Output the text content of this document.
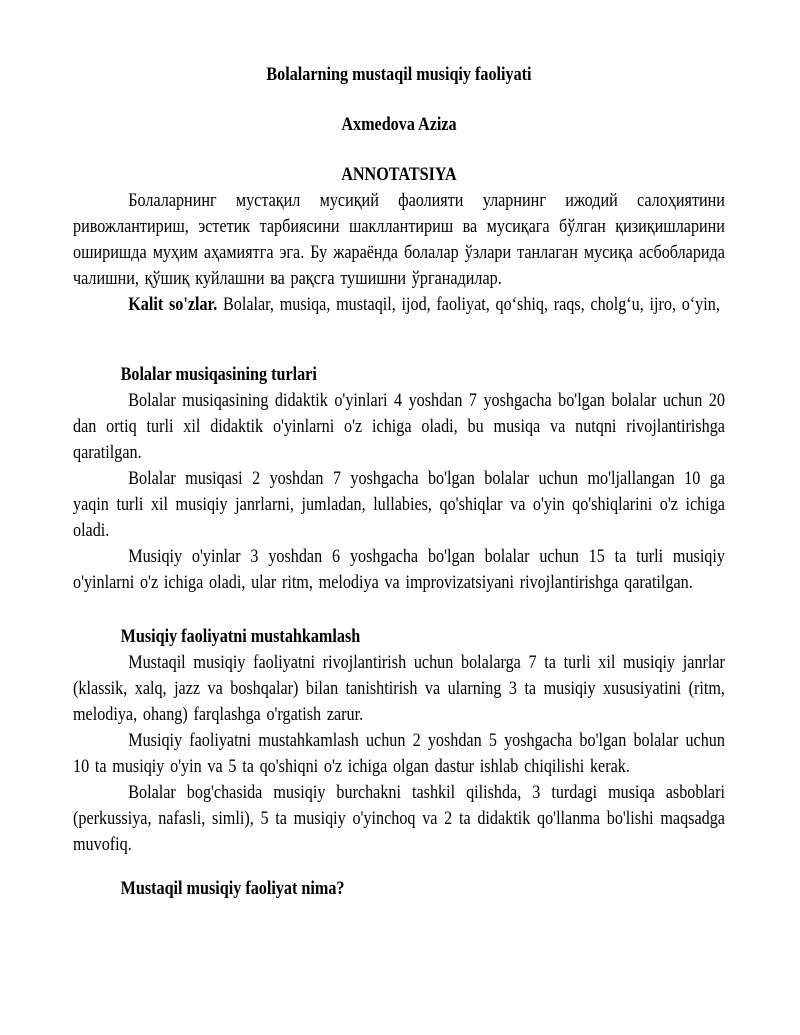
Bolalarning mustaqil musiqiy faoliyati

Axmedova Aziza

ANNOTATSIYA

Болаларнинг мустақил мусиқий фаолияти уларнинг ижодий салоҳиятини ривожлантириш, эстетик тарбиясини шакллантириш ва мусиқага бўлган қизиқишларини оширишда муҳим аҳамиятга эга. Бу жараёнда болалар ўзлари танлаган мусиқа асбобларида чалишни, қўшиқ куйлашни ва рақсга тушишни ўрганадилар.

Kalit so'zlar. Bolalar, musiqa, mustaqil, ijod, faoliyat, qo‘shiq, raqs, cholg‘u, ijro, o‘yin,

Bolalar musiqasining turlari

Bolalar musiqasining didaktik o'yinlari 4 yoshdan 7 yoshgacha bo'lgan bolalar uchun 20 dan ortiq turli xil didaktik o'yinlarni o'z ichiga oladi, bu musiqa va nutqni rivojlantirishga qaratilgan.

Bolalar musiqasi 2 yoshdan 7 yoshgacha bo'lgan bolalar uchun mo'ljallangan 10 ga yaqin turli xil musiqiy janrlarni, jumladan, lullabies, qo'shiqlar va o'yin qo'shiqlarini o'z ichiga oladi.

Musiqiy o'yinlar 3 yoshdan 6 yoshgacha bo'lgan bolalar uchun 15 ta turli musiqiy o'yinlarni o'z ichiga oladi, ular ritm, melodiya va improvizatsiyani rivojlantirishga qaratilgan.

Musiqiy faoliyatni mustahkamlash

Mustaqil musiqiy faoliyatni rivojlantirish uchun bolalarga 7 ta turli xil musiqiy janrlar (klassik, xalq, jazz va boshqalar) bilan tanishtirish va ularning 3 ta musiqiy xususiyatini (ritm, melodiya, ohang) farqlashga o'rgatish zarur.

Musiqiy faoliyatni mustahkamlash uchun 2 yoshdan 5 yoshgacha bo'lgan bolalar uchun 10 ta musiqiy o'yin va 5 ta qo'shiqni o'z ichiga olgan dastur ishlab chiqilishi kerak.

Bolalar bog'chasida musiqiy burchakni tashkil qilishda, 3 turdagi musiqa asboblari (perkussiya, nafasli, simli), 5 ta musiqiy o'yinchoq va 2 ta didaktik qo'llanma bo'lishi maqsadga muvofiq.

Mustaqil musiqiy faoliyat nima?
